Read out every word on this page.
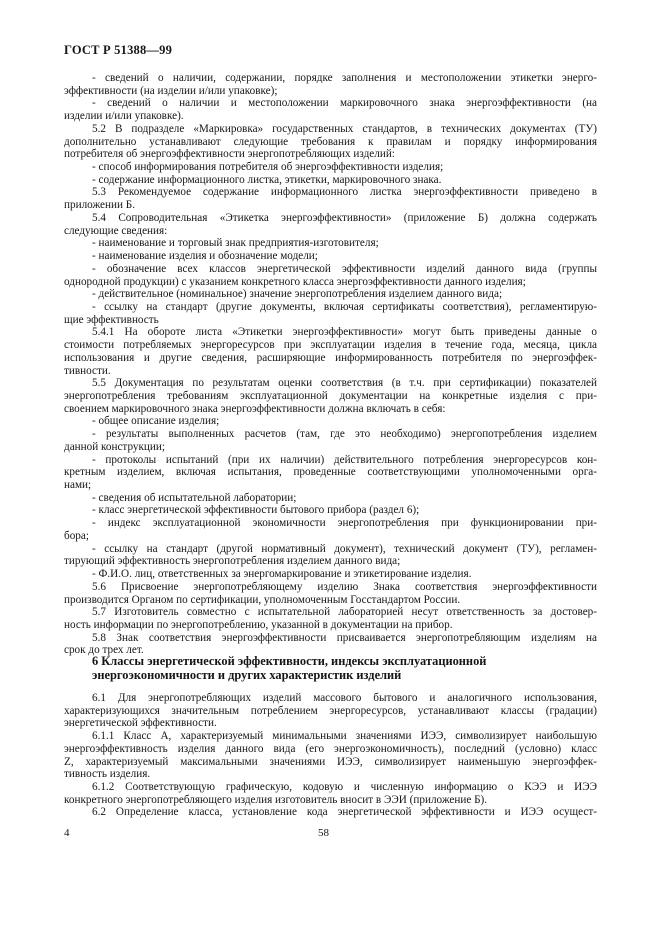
ГОСТ Р 51388—99
- сведений о наличии, содержании, порядке заполнения и местоположении этикетки энерго-
эффективности (на изделии и/или упаковке);
- сведений о наличии и местоположении маркировочного знака энергоэффективности (на
изделии и/или упаковке).
5.2 В подразделе «Маркировка» государственных стандартов, в технических документах (ТУ)
дополнительно устанавливают следующие требования к правилам и порядку информирования
потребителя об энергоэффективности энергопотребляющих изделий:
- способ информирования потребителя об энергоэффективности изделия;
- содержание информационного листка, этикетки, маркировочного знака.
5.3 Рекомендуемое содержание информационного листка энергоэффективности приведено в
приложении Б.
5.4 Сопроводительная «Этикетка энергоэффективности» (приложение Б) должна содержать
следующие сведения:
- наименование и торговый знак предприятия-изготовителя;
- наименование изделия и обозначение модели;
- обозначение всех классов энергетической эффективности изделий данного вида (группы
однородной продукции) с указанием конкретного класса энергоэффективности данного изделия;
- действительное (номинальное) значение энергопотребления изделием данного вида;
- ссылку на стандарт (другие документы, включая сертификаты соответствия), регламентирую-
щие эффективность
5.4.1 На обороте листа «Этикетки энергоэффективности» могут быть приведены данные о
стоимости потребляемых энергоресурсов при эксплуатации изделия в течение года, месяца, цикла
использования и другие сведения, расширяющие информированность потребителя по энергоэффек-
тивности.
5.5 Документация по результатам оценки соответствия (в т.ч. при сертификации) показателей
энергопотребления требованиям эксплуатационной документации на конкретные изделия с при-
своением маркировочного знака энергоэффективности должна включать в себя:
- общее описание изделия;
- результаты выполненных расчетов (там, где это необходимо) энергопотребления изделием
данной конструкции;
- протоколы испытаний (при их наличии) действительного потребления энергоресурсов кон-
кретным изделием, включая испытания, проведенные соответствующими уполномоченными орга-
нами;
- сведения об испытательной лаборатории;
- класс энергетической эффективности бытового прибора (раздел 6);
- индекс эксплуатационной экономичности энергопотребления при функционировании при-
бора;
- ссылку на стандарт (другой нормативный документ), технический документ (ТУ), регламен-
тирующий эффективность энергопотребления изделием данного вида;
- Ф.И.О. лиц, ответственных за энергомаркирование и этикетирование изделия.
5.6 Присвоение энергопотребляющему изделию Знака соответствия энергоэффективности
производится Органом по сертификации, уполномоченным Госстандартом России.
5.7 Изготовитель совместно с испытательной лабораторией несут ответственность за достовер-
ность информации по энергопотреблению, указанной в документации на прибор.
5.8 Знак соответствия энергоэффективности присваивается энергопотребляющим изделиям на
срок до трех лет.
6 Классы энергетической эффективности, индексы эксплуатационной
энергоэкономичности и других характеристик изделий
6.1 Для энергопотребляющих изделий массового бытового и аналогичного использования,
характеризующихся значительным потреблением энергоресурсов, устанавливают классы (градации)
энергетической эффективности.
6.1.1 Класс А, характеризуемый минимальными значениями ИЭЭ, символизирует наибольшую
энергоэффективность изделия данного вида (его энергоэкономичность), последний (условно) класс
Z, характеризуемый максимальными значениями ИЭЭ, символизирует наименьшую энергоэффек-
тивность изделия.
6.1.2 Соответствующую графическую, кодовую и численную информацию о КЭЭ и ИЭЭ
конкретного энергопотребляющего изделия изготовитель вносит в ЭЭИ (приложение Б).
6.2 Определение класса, установление кода энергетической эффективности и ИЭЭ осущест-
4	58
